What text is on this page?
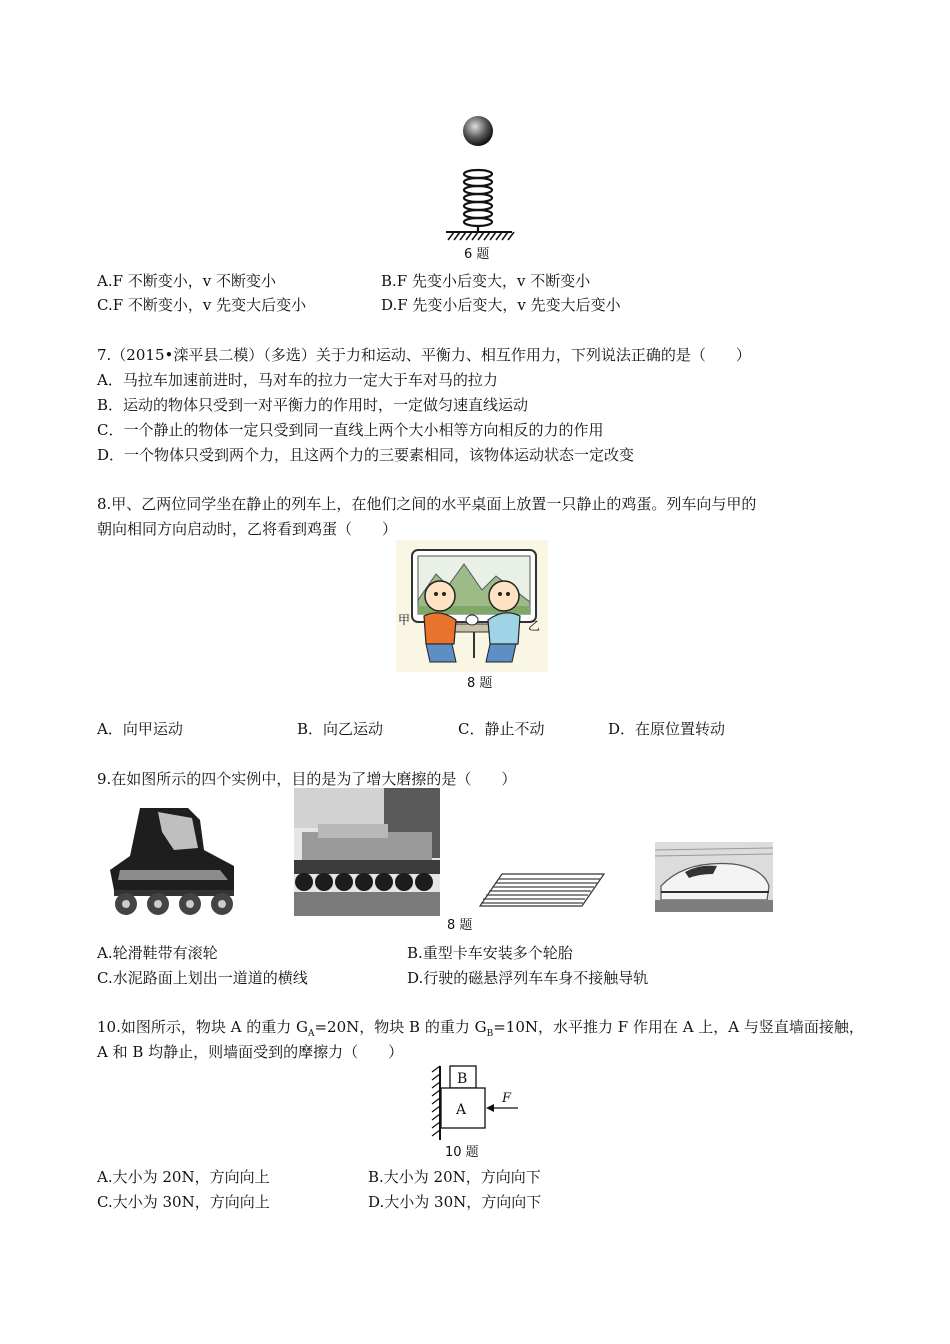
6 题
A.F 不断变小，v 不断变小	B.F 先变小后变大，v 不断变小
C.F 不断变小，v 先变大后变小	D.F 先变小后变大，v 先变大后变小
7.（2015•滦平县二模）（多选）关于力和运动、平衡力、相互作用力，下列说法正确的是（　　）
A．马拉车加速前进时，马对车的拉力一定大于车对马的拉力
B．运动的物体只受到一对平衡力的作用时，一定做匀速直线运动
C．一个静止的物体一定只受到同一直线上两个大小相等方向相反的力的作用
D．一个物体只受到两个力，且这两个力的三要素相同，该物体运动状态一定改变
8.甲、乙两位同学坐在静止的列车上，在他们之间的水平桌面上放置一只静止的鸡蛋。列车向与甲的
朝向相同方向启动时，乙将看到鸡蛋（　　）
甲	乙
8 题
A．向甲运动	B．向乙运动	C．静止不动	D．在原位置转动
9.在如图所示的四个实例中，目的是为了增大磨擦的是（　　）
8 题
A.轮滑鞋带有滚轮	B.重型卡车安装多个轮胎
C.水泥路面上划出一道道的横线	D.行驶的磁悬浮列车车身不接触导轨
10.如图所示，物块 A 的重力 $G_A=20N$，物块 B 的重力 $G_B=10N$，水平推力 F 作用在 A 上，A 与竖直墙面接触，
A 和 B 均静止，则墙面受到的摩擦力（　　）
B
A
F
10 题
A.大小为 20N，方向向上	B.大小为 20N，方向向下
C.大小为 30N，方向向上	D.大小为 30N，方向向下
